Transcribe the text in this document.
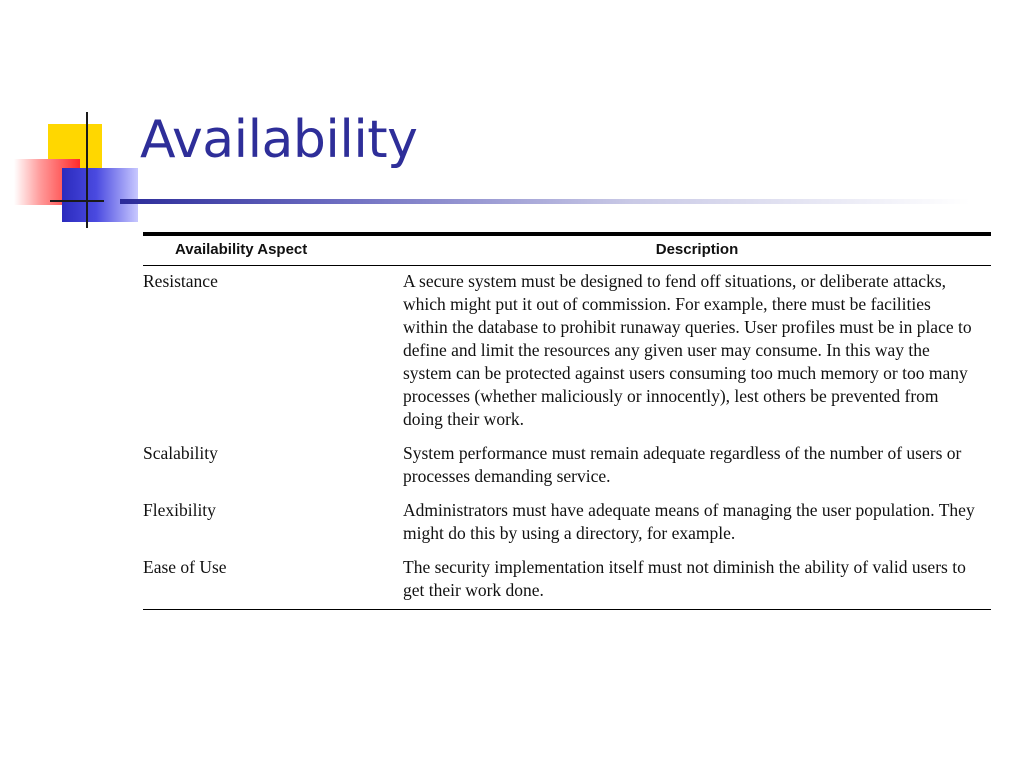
Availability
Availability Aspect	Description
Resistance	A secure system must be designed to fend off situations, or deliberate attacks, which might put it out of commission. For example, there must be facilities within the database to prohibit runaway queries. User profiles must be in place to define and limit the resources any given user may consume. In this way the system can be protected against users consuming too much memory or too many processes (whether maliciously or innocently), lest others be prevented from doing their work.
Scalability	System performance must remain adequate regardless of the number of users or processes demanding service.
Flexibility	Administrators must have adequate means of managing the user population. They might do this by using a directory, for example.
Ease of Use	The security implementation itself must not diminish the ability of valid users to get their work done.
